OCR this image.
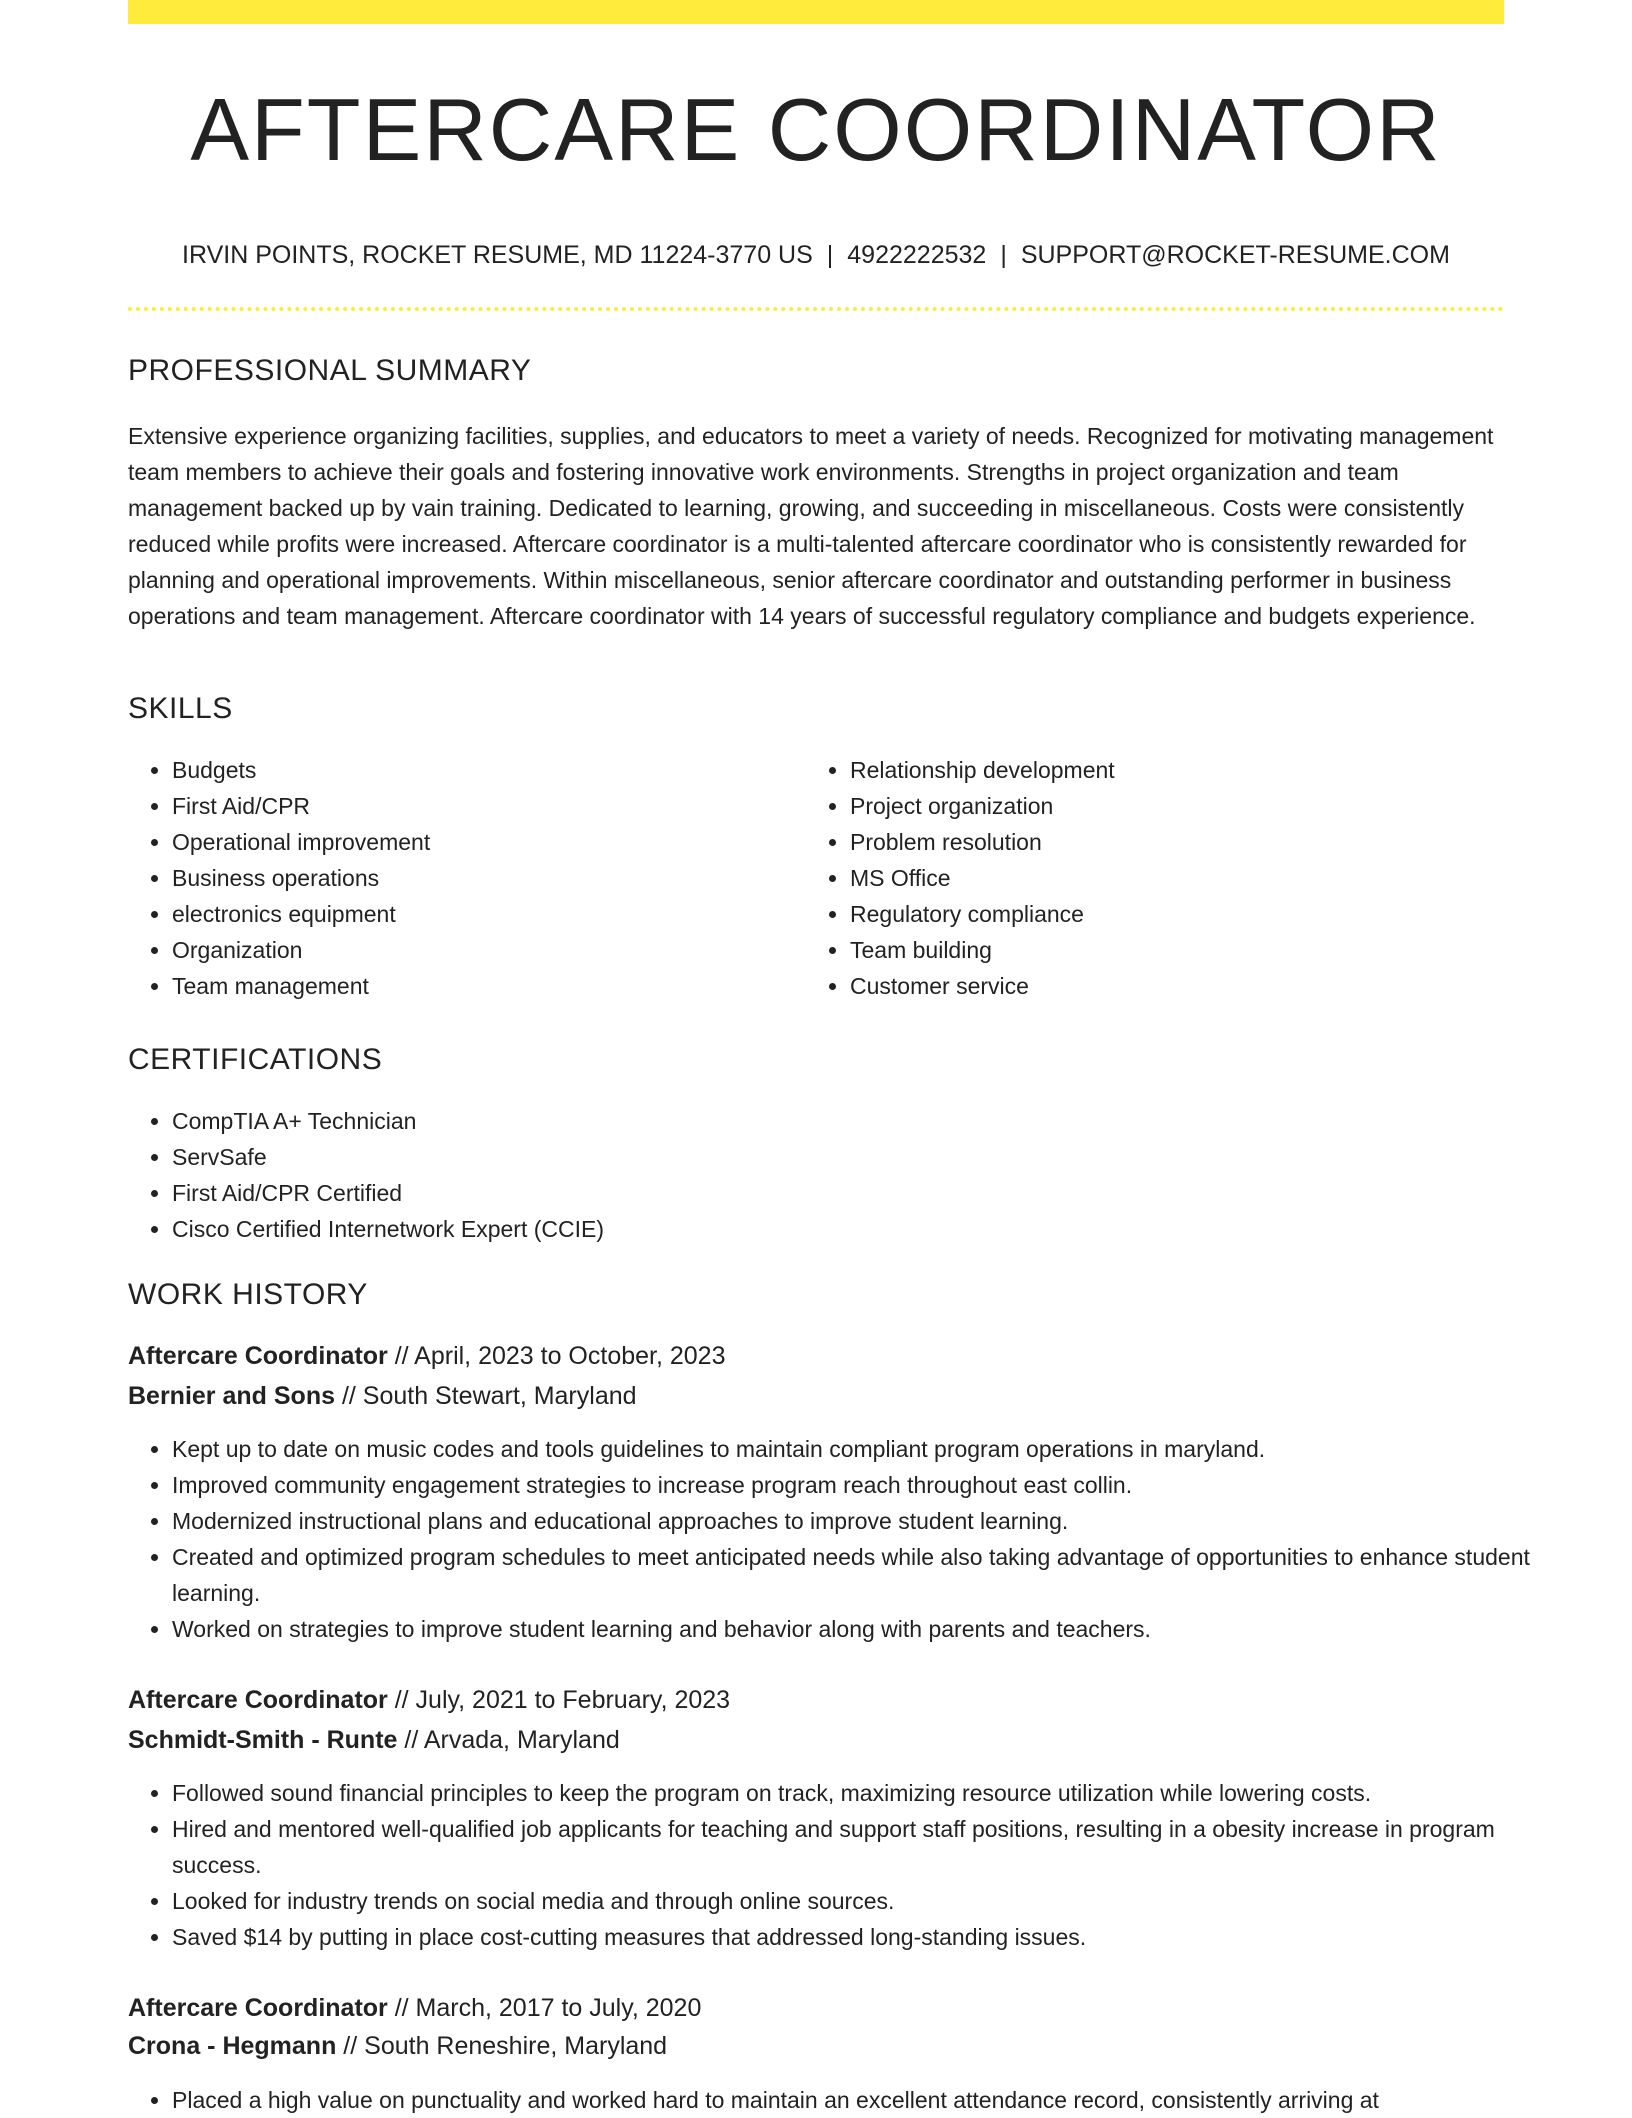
AFTERCARE COORDINATOR
IRVIN POINTS, ROCKET RESUME, MD 11224-3770 US | 4922222532 | SUPPORT@ROCKET-RESUME.COM
PROFESSIONAL SUMMARY

Extensive experience organizing facilities, supplies, and educators to meet a variety of needs. Recognized for motivating management team members to achieve their goals and fostering innovative work environments. Strengths in project organization and team management backed up by vain training. Dedicated to learning, growing, and succeeding in miscellaneous. Costs were consistently reduced while profits were increased. Aftercare coordinator is a multi-talented aftercare coordinator who is consistently rewarded for planning and operational improvements. Within miscellaneous, senior aftercare coordinator and outstanding performer in business operations and team management. Aftercare coordinator with 14 years of successful regulatory compliance and budgets experience.

SKILLS
• Budgets
• First Aid/CPR
• Operational improvement
• Business operations
• electronics equipment
• Organization
• Team management
• Relationship development
• Project organization
• Problem resolution
• MS Office
• Regulatory compliance
• Team building
• Customer service
CERTIFICATIONS
• CompTIA A+ Technician
• ServSafe
• First Aid/CPR Certified
• Cisco Certified Internetwork Expert (CCIE)
WORK HISTORY
Aftercare Coordinator // April, 2023 to October, 2023
Bernier and Sons // South Stewart, Maryland
• Kept up to date on music codes and tools guidelines to maintain compliant program operations in maryland.
• Improved community engagement strategies to increase program reach throughout east collin.
• Modernized instructional plans and educational approaches to improve student learning.
• Created and optimized program schedules to meet anticipated needs while also taking advantage of opportunities to enhance student learning.
• Worked on strategies to improve student learning and behavior along with parents and teachers.
Aftercare Coordinator // July, 2021 to February, 2023
Schmidt-Smith - Runte // Arvada, Maryland
• Followed sound financial principles to keep the program on track, maximizing resource utilization while lowering costs.
• Hired and mentored well-qualified job applicants for teaching and support staff positions, resulting in a obesity increase in program success.
• Looked for industry trends on social media and through online sources.
• Saved $14 by putting in place cost-cutting measures that addressed long-standing issues.
Aftercare Coordinator // March, 2017 to July, 2020
Crona - Hegmann // South Reneshire, Maryland
• Placed a high value on punctuality and worked hard to maintain an excellent attendance record, consistently arriving at
